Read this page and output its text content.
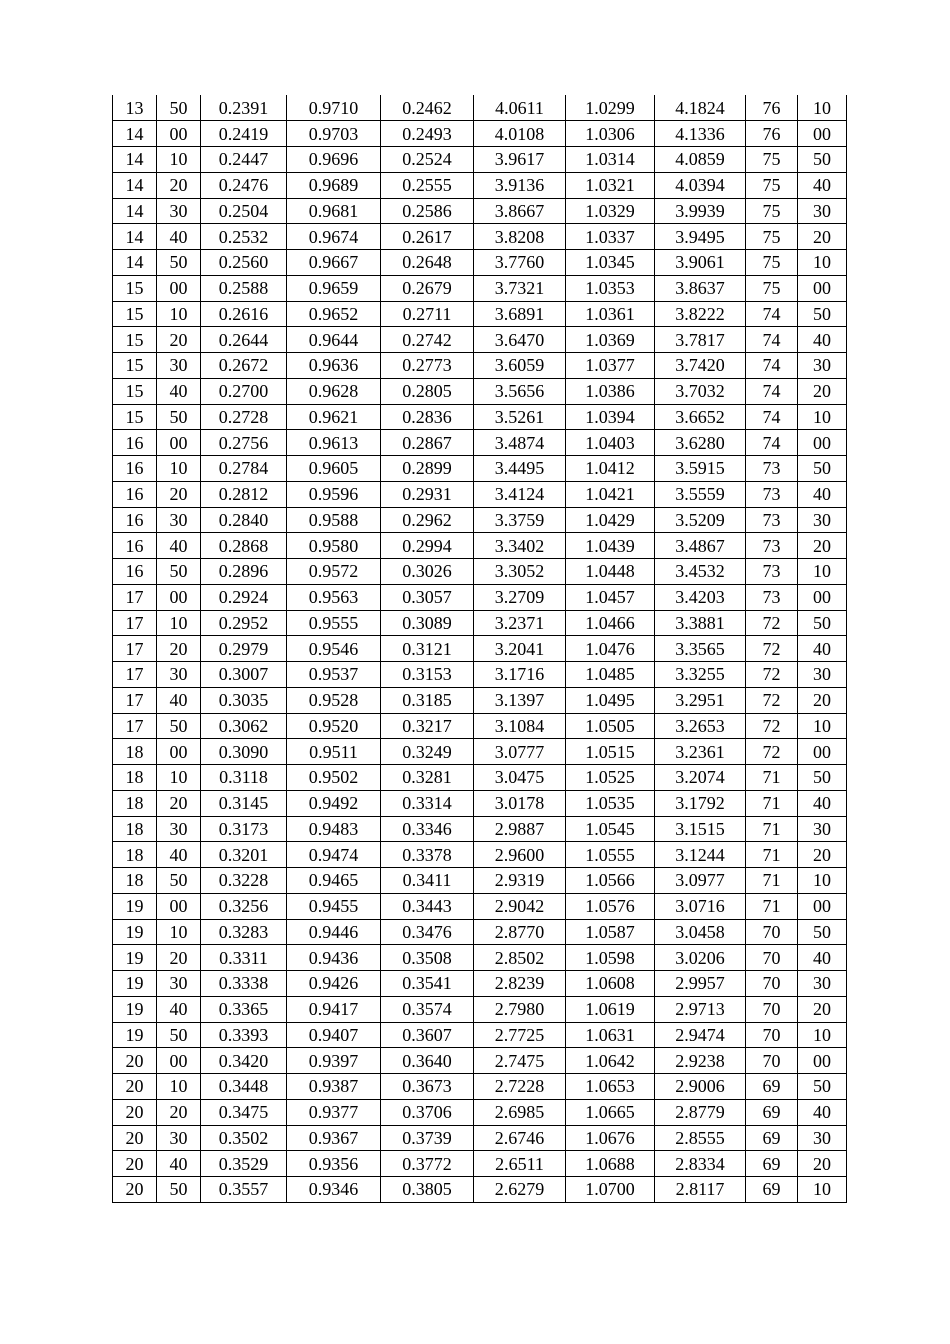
13	50	0.2391	0.9710	0.2462	4.0611	1.0299	4.1824	76	10
14	00	0.2419	0.9703	0.2493	4.0108	1.0306	4.1336	76	00
14	10	0.2447	0.9696	0.2524	3.9617	1.0314	4.0859	75	50
14	20	0.2476	0.9689	0.2555	3.9136	1.0321	4.0394	75	40
14	30	0.2504	0.9681	0.2586	3.8667	1.0329	3.9939	75	30
14	40	0.2532	0.9674	0.2617	3.8208	1.0337	3.9495	75	20
14	50	0.2560	0.9667	0.2648	3.7760	1.0345	3.9061	75	10
15	00	0.2588	0.9659	0.2679	3.7321	1.0353	3.8637	75	00
15	10	0.2616	0.9652	0.2711	3.6891	1.0361	3.8222	74	50
15	20	0.2644	0.9644	0.2742	3.6470	1.0369	3.7817	74	40
15	30	0.2672	0.9636	0.2773	3.6059	1.0377	3.7420	74	30
15	40	0.2700	0.9628	0.2805	3.5656	1.0386	3.7032	74	20
15	50	0.2728	0.9621	0.2836	3.5261	1.0394	3.6652	74	10
16	00	0.2756	0.9613	0.2867	3.4874	1.0403	3.6280	74	00
16	10	0.2784	0.9605	0.2899	3.4495	1.0412	3.5915	73	50
16	20	0.2812	0.9596	0.2931	3.4124	1.0421	3.5559	73	40
16	30	0.2840	0.9588	0.2962	3.3759	1.0429	3.5209	73	30
16	40	0.2868	0.9580	0.2994	3.3402	1.0439	3.4867	73	20
16	50	0.2896	0.9572	0.3026	3.3052	1.0448	3.4532	73	10
17	00	0.2924	0.9563	0.3057	3.2709	1.0457	3.4203	73	00
17	10	0.2952	0.9555	0.3089	3.2371	1.0466	3.3881	72	50
17	20	0.2979	0.9546	0.3121	3.2041	1.0476	3.3565	72	40
17	30	0.3007	0.9537	0.3153	3.1716	1.0485	3.3255	72	30
17	40	0.3035	0.9528	0.3185	3.1397	1.0495	3.2951	72	20
17	50	0.3062	0.9520	0.3217	3.1084	1.0505	3.2653	72	10
18	00	0.3090	0.9511	0.3249	3.0777	1.0515	3.2361	72	00
18	10	0.3118	0.9502	0.3281	3.0475	1.0525	3.2074	71	50
18	20	0.3145	0.9492	0.3314	3.0178	1.0535	3.1792	71	40
18	30	0.3173	0.9483	0.3346	2.9887	1.0545	3.1515	71	30
18	40	0.3201	0.9474	0.3378	2.9600	1.0555	3.1244	71	20
18	50	0.3228	0.9465	0.3411	2.9319	1.0566	3.0977	71	10
19	00	0.3256	0.9455	0.3443	2.9042	1.0576	3.0716	71	00
19	10	0.3283	0.9446	0.3476	2.8770	1.0587	3.0458	70	50
19	20	0.3311	0.9436	0.3508	2.8502	1.0598	3.0206	70	40
19	30	0.3338	0.9426	0.3541	2.8239	1.0608	2.9957	70	30
19	40	0.3365	0.9417	0.3574	2.7980	1.0619	2.9713	70	20
19	50	0.3393	0.9407	0.3607	2.7725	1.0631	2.9474	70	10
20	00	0.3420	0.9397	0.3640	2.7475	1.0642	2.9238	70	00
20	10	0.3448	0.9387	0.3673	2.7228	1.0653	2.9006	69	50
20	20	0.3475	0.9377	0.3706	2.6985	1.0665	2.8779	69	40
20	30	0.3502	0.9367	0.3739	2.6746	1.0676	2.8555	69	30
20	40	0.3529	0.9356	0.3772	2.6511	1.0688	2.8334	69	20
20	50	0.3557	0.9346	0.3805	2.6279	1.0700	2.8117	69	10
